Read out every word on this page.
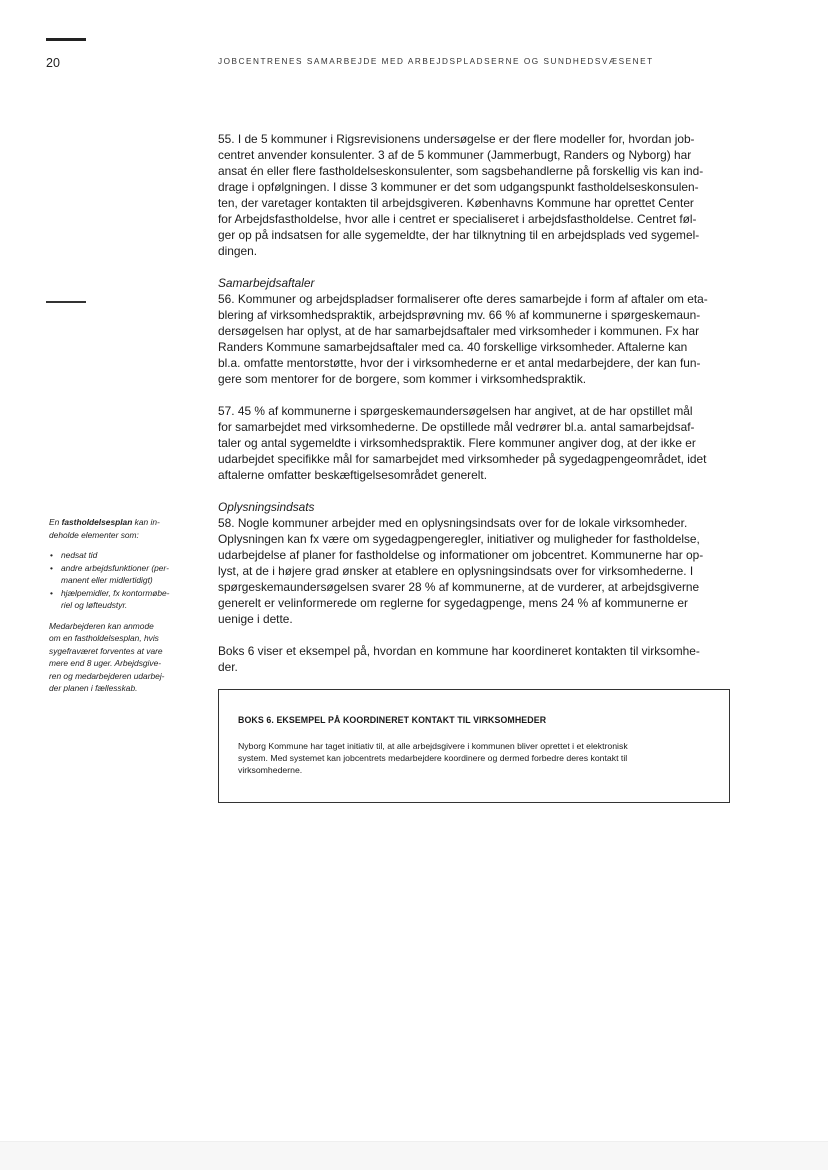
20	JOBCENTRENES SAMARBEJDE MED ARBEJDSPLADSERNE OG SUNDHEDSVÆSENET

55. I de 5 kommuner i Rigsrevisionens undersøgelse er der flere modeller for, hvordan job-
centret anvender konsulenter. 3 af de 5 kommuner (Jammerbugt, Randers og Nyborg) har
ansat én eller flere fastholdelseskonsulenter, som sagsbehandlerne på forskellig vis kan ind-
drage i opfølgningen. I disse 3 kommuner er det som udgangspunkt fastholdelseskonsulen-
ten, der varetager kontakten til arbejdsgiveren. Københavns Kommune har oprettet Center
for Arbejdsfastholdelse, hvor alle i centret er specialiseret i arbejdsfastholdelse. Centret føl-
ger op på indsatsen for alle sygemeldte, der har tilknytning til en arbejdsplads ved sygemel-
dingen.

Samarbejdsaftaler

56. Kommuner og arbejdspladser formaliserer ofte deres samarbejde i form af aftaler om eta-
blering af virksomhedspraktik, arbejdsprøvning mv. 66 % af kommunerne i spørgeskemaun-
dersøgelsen har oplyst, at de har samarbejdsaftaler med virksomheder i kommunen. Fx har
Randers Kommune samarbejdsaftaler med ca. 40 forskellige virksomheder. Aftalerne kan
bl.a. omfatte mentorstøtte, hvor der i virksomhederne er et antal medarbejdere, der kan fun-
gere som mentorer for de borgere, som kommer i virksomhedspraktik.

57. 45 % af kommunerne i spørgeskemaundersøgelsen har angivet, at de har opstillet mål
for samarbejdet med virksomhederne. De opstillede mål vedrører bl.a. antal samarbejdsaf-
taler og antal sygemeldte i virksomhedspraktik. Flere kommuner angiver dog, at der ikke er
udarbejdet specifikke mål for samarbejdet med virksomheder på sygedagpengeområdet, idet
aftalerne omfatter beskæftigelsesområdet generelt.

Oplysningsindsats

58. Nogle kommuner arbejder med en oplysningsindsats over for de lokale virksomheder.
Oplysningen kan fx være om sygedagpengeregler, initiativer og muligheder for fastholdelse,
udarbejdelse af planer for fastholdelse og informationer om jobcentret. Kommunerne har op-
lyst, at de i højere grad ønsker at etablere en oplysningsindsats over for virksomhederne. I
spørgeskemaundersøgelsen svarer 28 % af kommunerne, at de vurderer, at arbejdsgiverne
generelt er velinformerede om reglerne for sygedagpenge, mens 24 % af kommunerne er
uenige i dette.

Boks 6 viser et eksempel på, hvordan en kommune har koordineret kontakten til virksomhe-
der.

En fastholdelsesplan kan in-
deholde elementer som:

• nedsat tid
• andre arbejdsfunktioner (per-
manent eller midlertidigt)
• hjælpemidler, fx kontormøbe-
riel og løfteudstyr.

Medarbejderen kan anmode
om en fastholdelsesplan, hvis
sygefraværet forventes at vare
mere end 8 uger. Arbejdsgive-
ren og medarbejderen udarbej-
der planen i fællesskab.

BOKS 6. EKSEMPEL PÅ KOORDINERET KONTAKT TIL VIRKSOMHEDER

Nyborg Kommune har taget initiativ til, at alle arbejdsgivere i kommunen bliver oprettet i et elektronisk
system. Med systemet kan jobcentrets medarbejdere koordinere og dermed forbedre deres kontakt til
virksomhederne.
